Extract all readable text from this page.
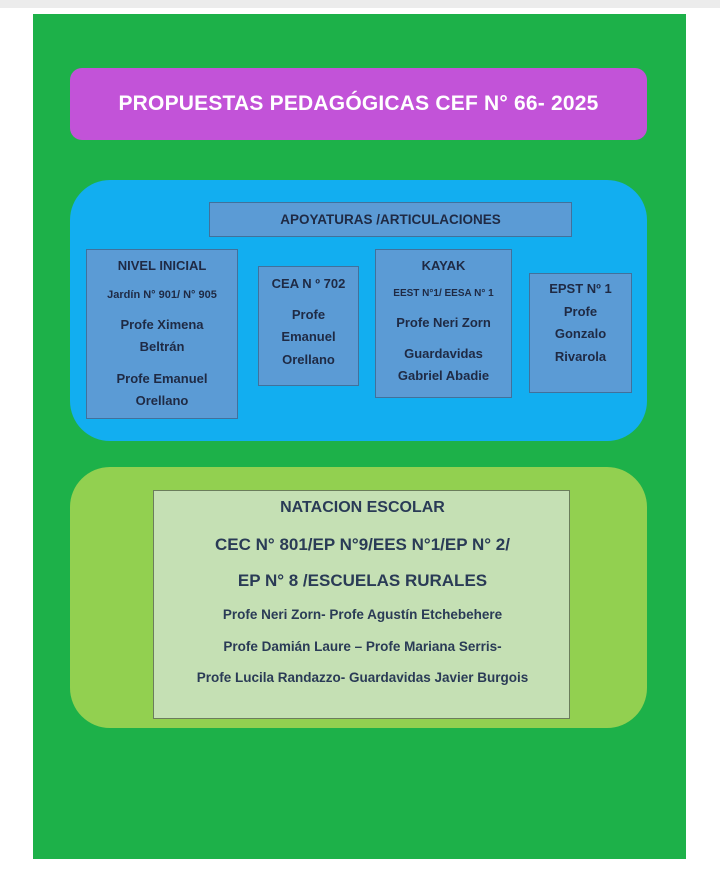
PROPUESTAS PEDAGÓGICAS CEF N° 66- 2025
APOYATURAS /ARTICULACIONES
NIVEL INICIAL
Jardín N° 901/ N° 905
Profe Ximena
Beltrán
Profe Emanuel
Orellano
CEA N º 702
Profe
Emanuel
Orellano
KAYAK
EEST N°1/ EESA N° 1
Profe Neri Zorn
Guardavidas
Gabriel Abadie
EPST Nº 1
Profe
Gonzalo
Rivarola
NATACION ESCOLAR
CEC N° 801/EP N°9/EES N°1/EP N° 2/
EP N° 8 /ESCUELAS RURALES
Profe Neri Zorn- Profe Agustín Etchebehere
Profe Damián Laure – Profe Mariana Serris-
Profe Lucila Randazzo- Guardavidas Javier Burgois
